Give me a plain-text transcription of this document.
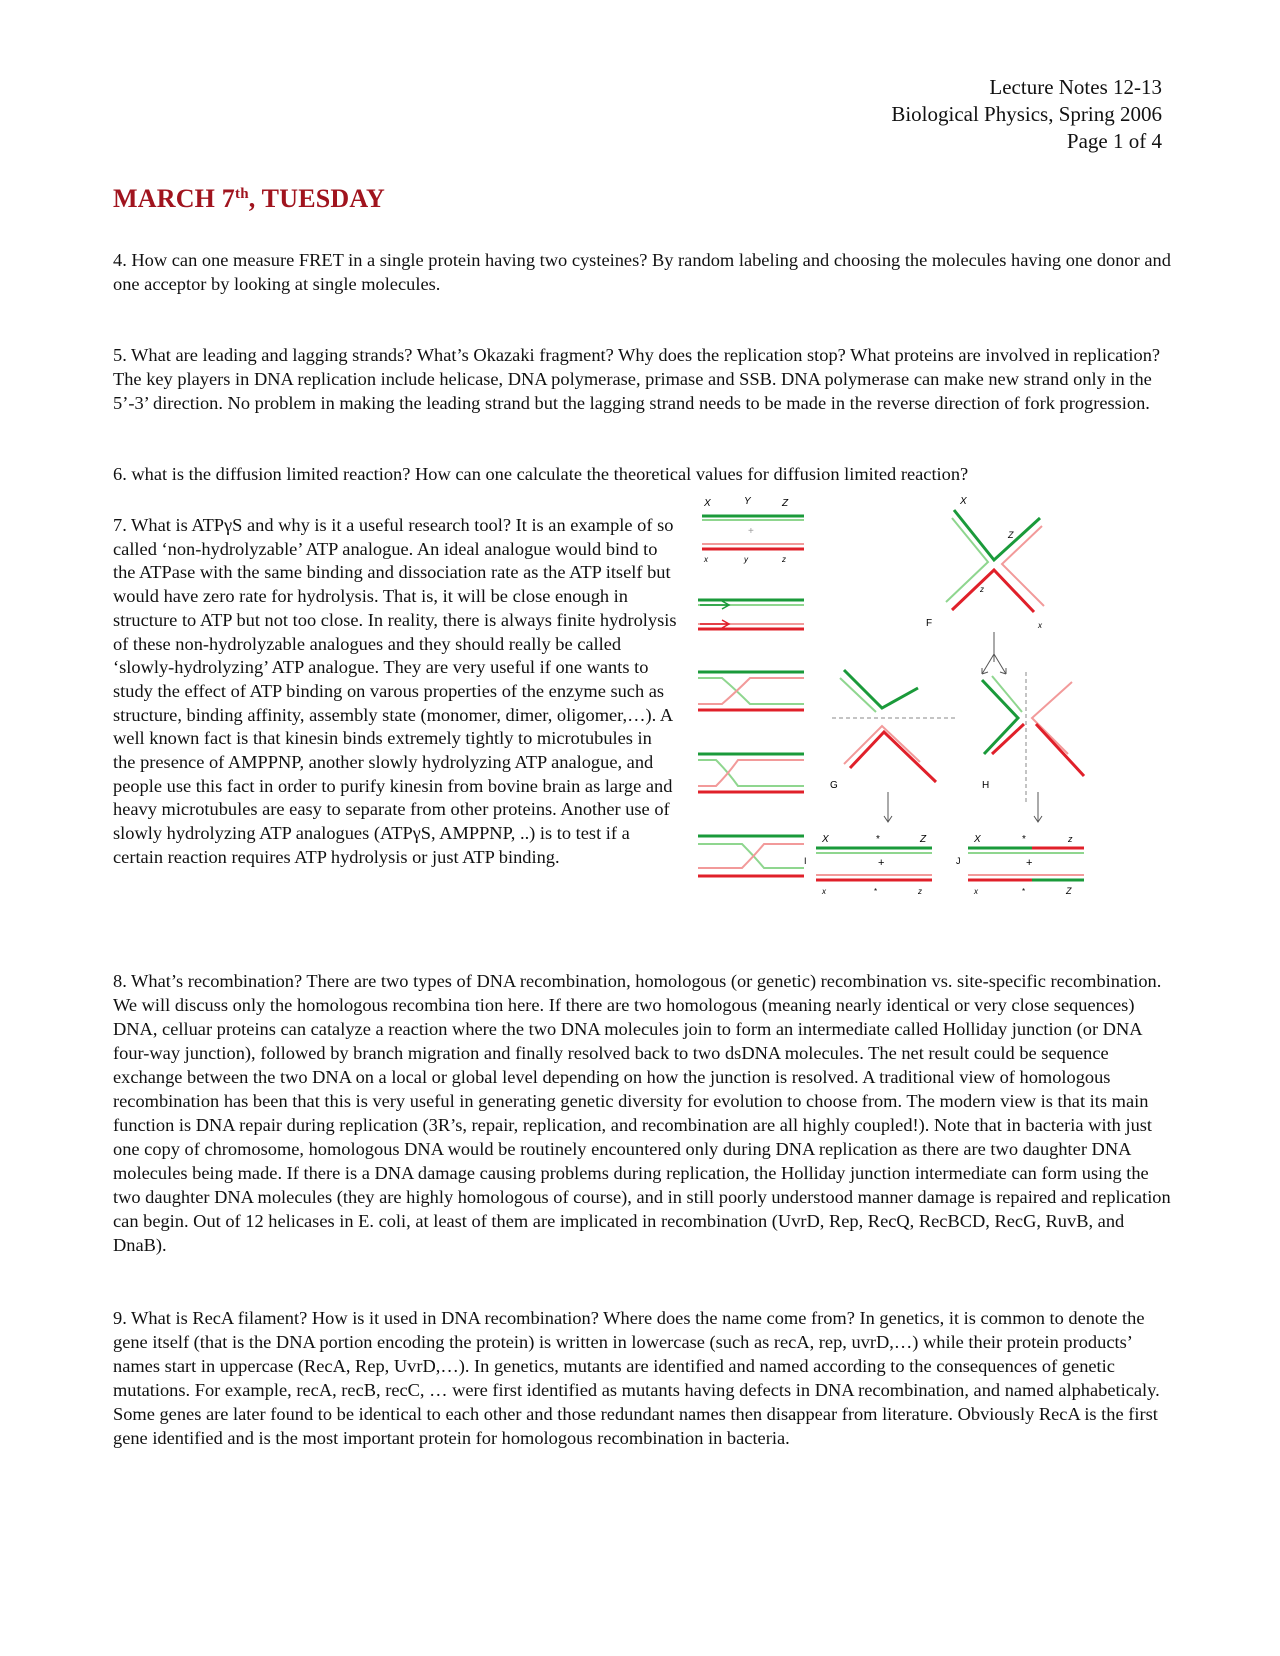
Lecture Notes 12-13
Biological Physics, Spring 2006
Page 1 of 4
MARCH 7th, TUESDAY

4. How can one measure FRET in a single protein having two cysteines? By random labeling and choosing the molecules having one donor and one acceptor by looking at single molecules.

5. What are leading and lagging strands? What’s Okazaki fragment? Why does the replication stop? What proteins are involved in replication? The key players in DNA replication include helicase, DNA polymerase, primase and SSB. DNA polymerase can make new strand only in the 5’-3’ direction. No problem in making the leading strand but the lagging strand needs to be made in the reverse direction of fork progression.

6. what is the diffusion limited reaction? How can one calculate the theoretical values for diffusion limited reaction?

7. What is ATPγS and why is it a useful research tool? It is an example of so called ‘non-hydrolyzable’ ATP analogue. An ideal analogue would bind to the ATPase with the same binding and dissociation rate as the ATP itself but would have zero rate for hydrolysis. That is, it will be close enough in structure to ATP but not too close. In reality, there is always finite hydrolysis of these non-hydrolyzable analogues and they should really be called ‘slowly-hydrolyzing’ ATP analogue. They are very useful if one wants to study the effect of ATP binding on varous properties of the enzyme such as structure, binding affinity, assembly state (monomer, dimer, oligomer,…). A well known fact is that kinesin binds extremely tightly to microtubules in the presence of AMPPNP, another slowly hydrolyzing ATP analogue, and people use this fact in order to purify kinesin from bovine brain as large and heavy microtubules are easy to separate from other proteins. Another use of slowly hydrolyzing ATP analogues (ATPγS, AMPPNP, ..) is to test if a certain reaction requires ATP hydrolysis or just ATP binding.

X	Y	Z
+
x	y	z
X
Z
z
x
F
G	H
X	*	Z
I	+
x	*	z
X	*	z
J	+
x	*	Z

8. What’s recombination? There are two types of DNA recombination, homologous (or genetic) recombination vs. site-specific recombination. We will discuss only the homologous recombina tion here. If there are two homologous (meaning nearly identical or very close sequences) DNA, celluar proteins can catalyze a reaction where the two DNA molecules join to form an intermediate called Holliday junction (or DNA four-way junction), followed by branch migration and finally resolved back to two dsDNA molecules. The net result could be sequence exchange between the two DNA on a local or global level depending on how the junction is resolved. A traditional view of homologous recombination has been that this is very useful in generating genetic diversity for evolution to choose from. The modern view is that its main function is DNA repair during replication (3R’s, repair, replication, and recombination are all highly coupled!). Note that in bacteria with just one copy of chromosome, homologous DNA would be routinely encountered only during DNA replication as there are two daughter DNA molecules being made. If there is a DNA damage causing problems during replication, the Holliday junction intermediate can form using the two daughter DNA molecules (they are highly homologous of course), and in still poorly understood manner damage is repaired and replication can begin. Out of 12 helicases in E. coli, at least of them are implicated in recombination (UvrD, Rep, RecQ, RecBCD, RecG, RuvB, and DnaB).

9. What is RecA filament? How is it used in DNA recombination? Where does the name come from? In genetics, it is common to denote the gene itself (that is the DNA portion encoding the protein) is written in lowercase (such as recA, rep, uvrD,…) while their protein products’ names start in uppercase (RecA, Rep, UvrD,…). In genetics, mutants are identified and named according to the consequences of genetic mutations. For example, recA, recB, recC, … were first identified as mutants having defects in DNA recombination, and named alphabeticaly. Some genes are later found to be identical to each other and those redundant names then disappear from literature. Obviously RecA is the first gene identified and is the most important protein for homologous recombination in bacteria.
